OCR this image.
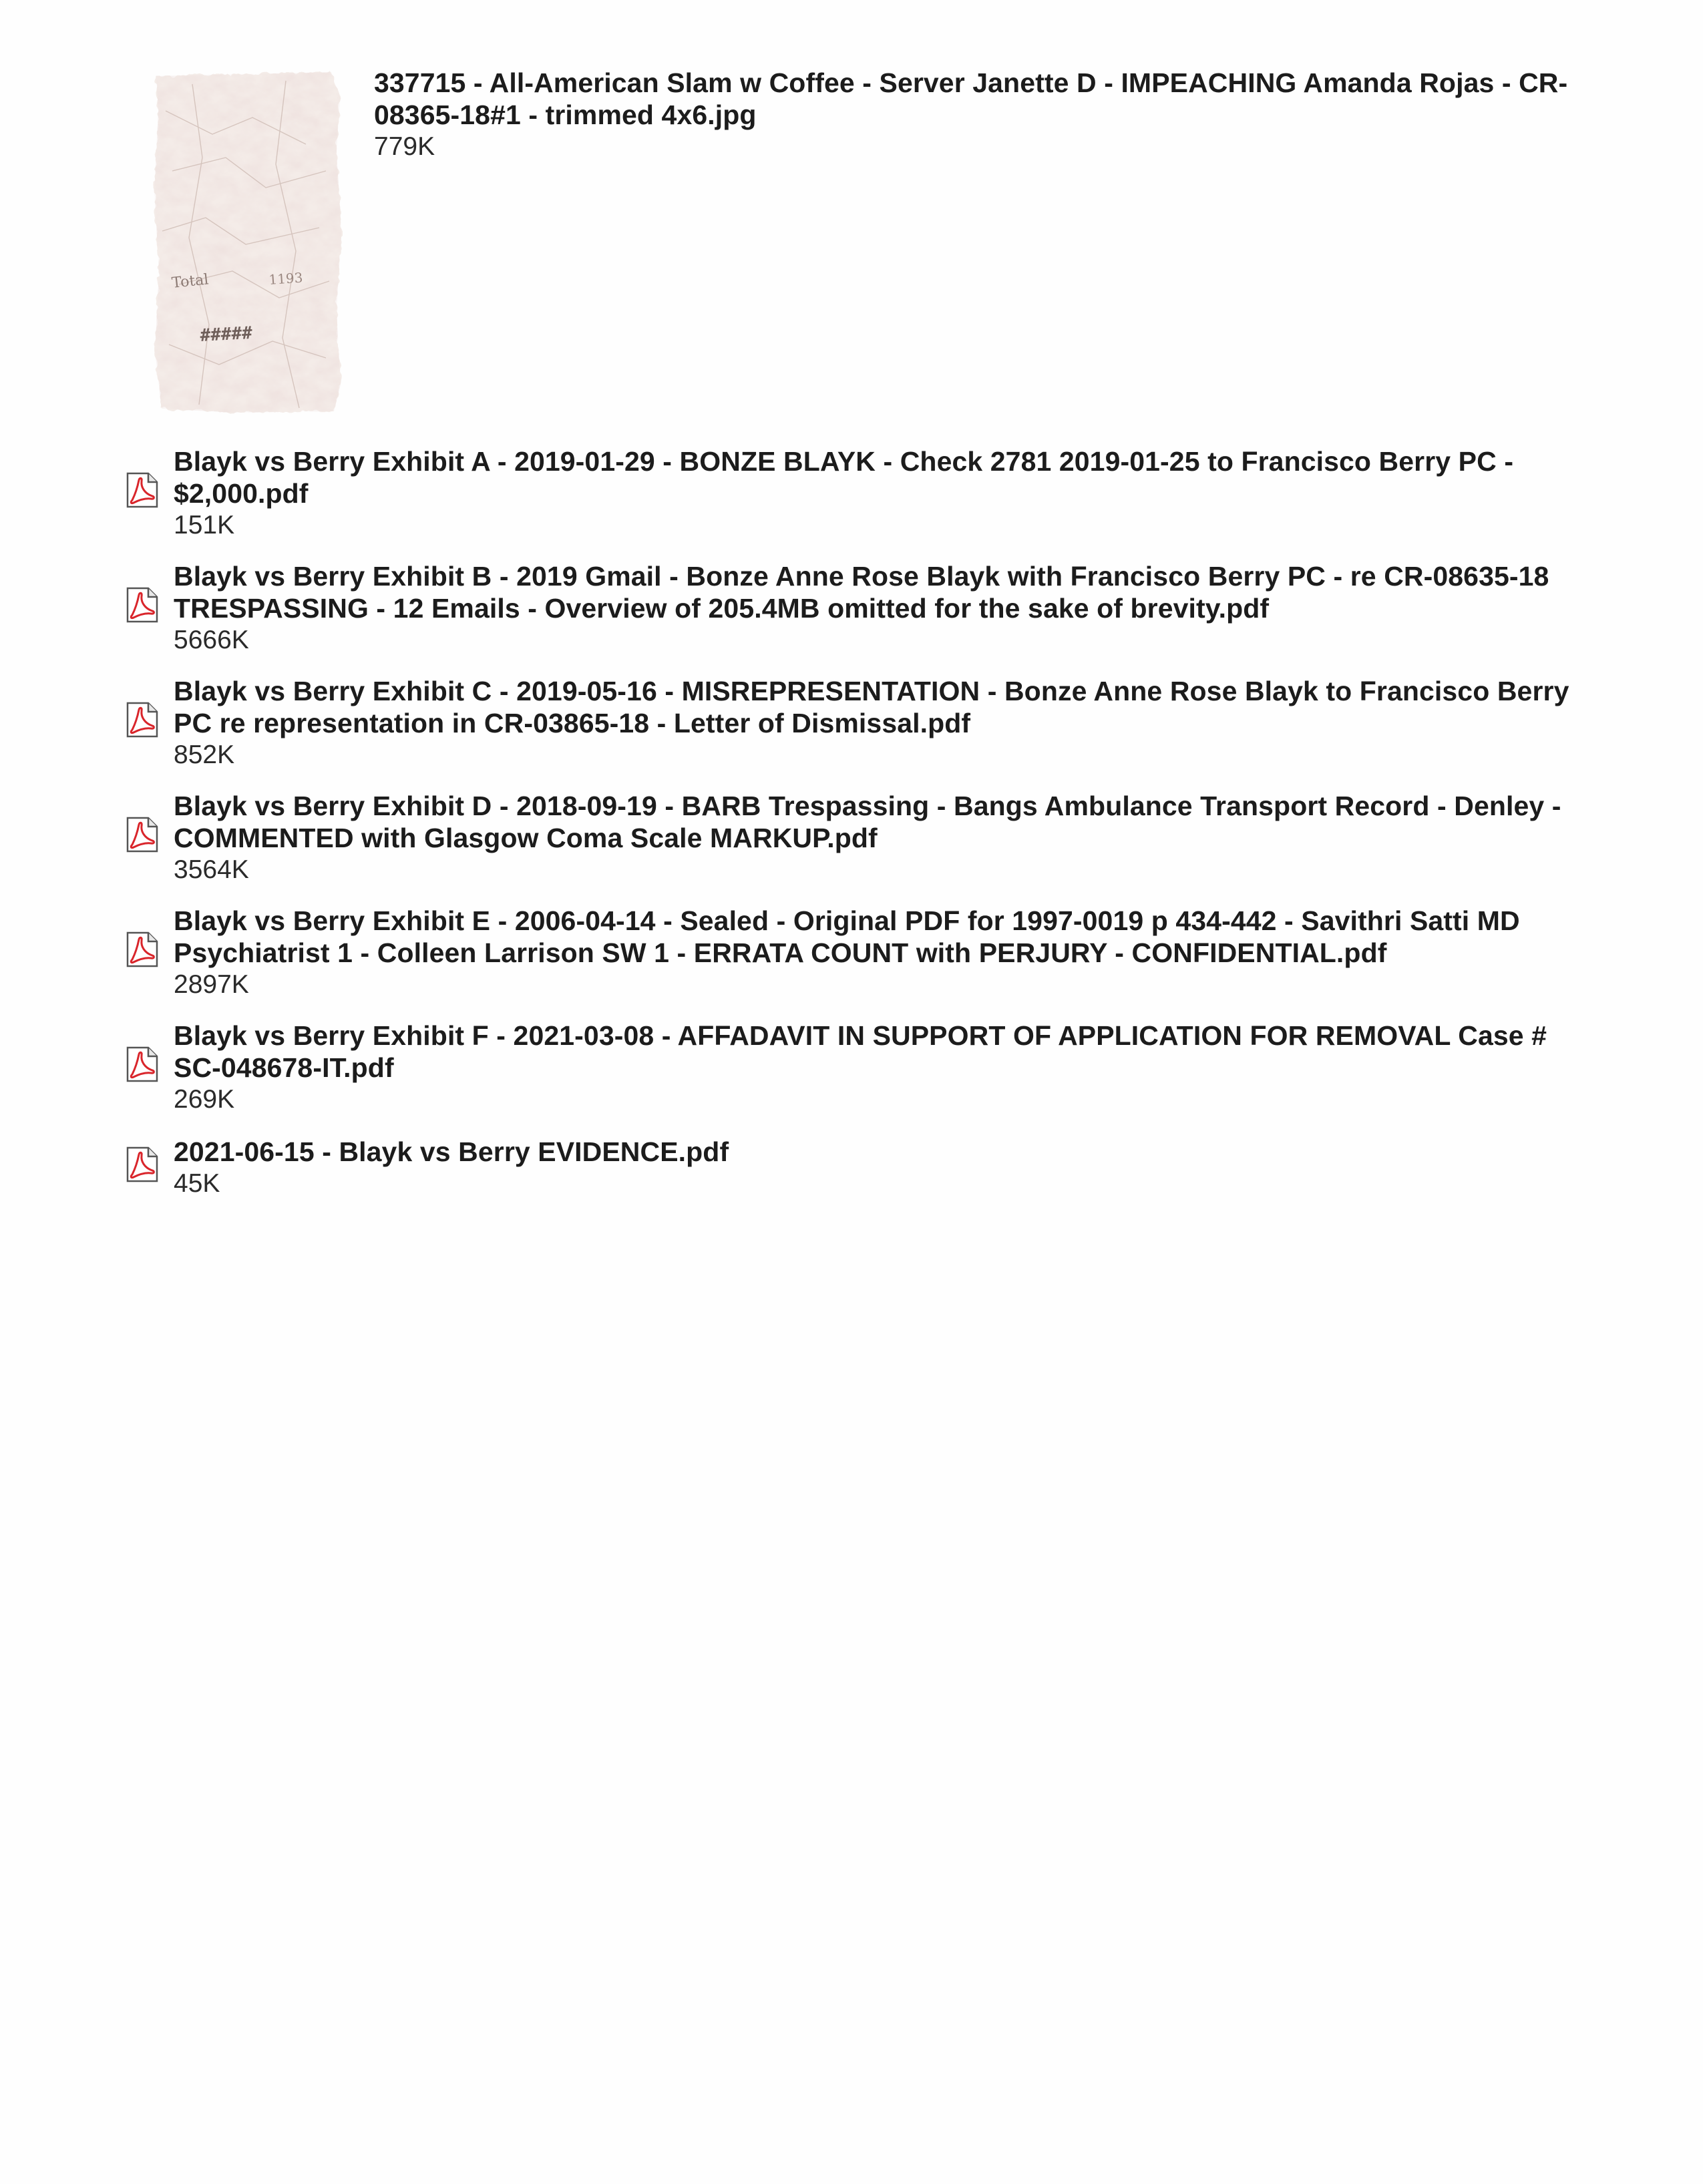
Total	1193
#####
337715 - All-American Slam w Coffee - Server Janette D - IMPEACHING Amanda Rojas - CR-
08365-18#1 - trimmed 4x6.jpg
779K
Blayk vs Berry Exhibit A - 2019-01-29 - BONZE BLAYK - Check 2781 2019-01-25 to Francisco Berry PC -
$2,000.pdf
151K
Blayk vs Berry Exhibit B - 2019 Gmail - Bonze Anne Rose Blayk with Francisco Berry PC - re CR-08635-18
TRESPASSING - 12 Emails - Overview of 205.4MB omitted for the sake of brevity.pdf
5666K
Blayk vs Berry Exhibit C - 2019-05-16 - MISREPRESENTATION - Bonze Anne Rose Blayk to Francisco Berry
PC re representation in CR-03865-18 - Letter of Dismissal.pdf
852K
Blayk vs Berry Exhibit D - 2018-09-19 - BARB Trespassing - Bangs Ambulance Transport Record - Denley -
COMMENTED with Glasgow Coma Scale MARKUP.pdf
3564K
Blayk vs Berry Exhibit E - 2006-04-14 - Sealed - Original PDF for 1997-0019 p 434-442 - Savithri Satti MD
Psychiatrist 1 - Colleen Larrison SW 1 - ERRATA COUNT with PERJURY - CONFIDENTIAL.pdf
2897K
Blayk vs Berry Exhibit F - 2021-03-08 - AFFADAVIT IN SUPPORT OF APPLICATION FOR REMOVAL Case #
SC-048678-IT.pdf
269K
2021-06-15 - Blayk vs Berry EVIDENCE.pdf
45K
